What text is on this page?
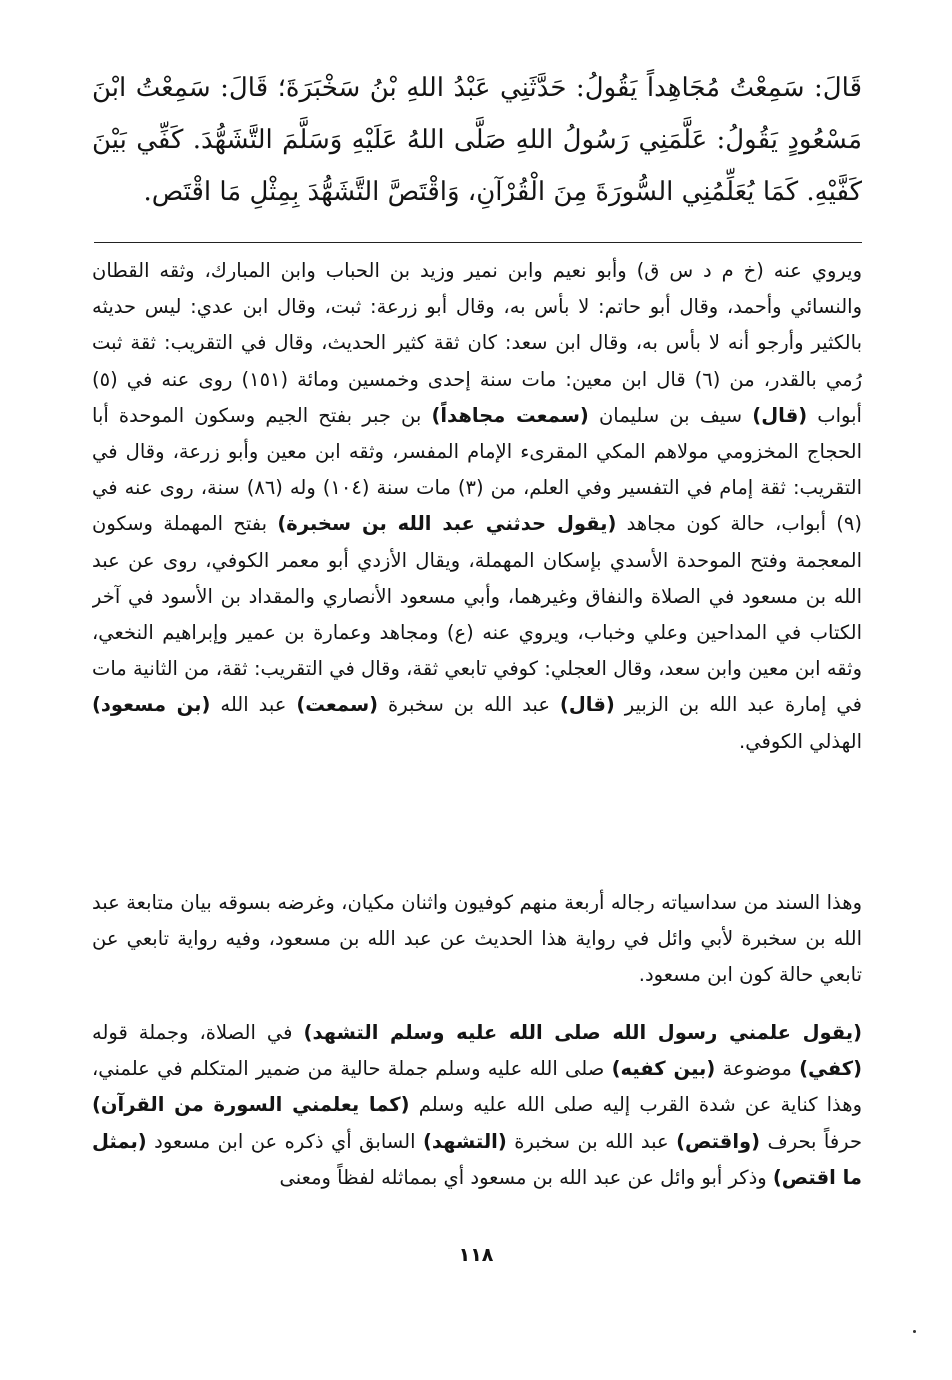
قَالَ: سَمِعْتُ مُجَاهِداً يَقُولُ: حَدَّثَنِي عَبْدُ اللهِ بْنُ سَخْبَرَةَ؛ قَالَ: سَمِعْتُ ابْنَ مَسْعُودٍ يَقُولُ: عَلَّمَنِي رَسُولُ اللهِ صَلَّى اللهُ عَلَيْهِ وَسَلَّمَ التَّشَهُّدَ. كَفِّي بَيْنَ كَفَّيْهِ. كَمَا يُعَلِّمُنِي السُّورَةَ مِنَ الْقُرْآنِ، وَاقْتَصَّ التَّشَهُّدَ بِمِثْلِ مَا اقْتَص.

ويروي عنه (خ م د س ق) وأبو نعيم وابن نمير وزيد بن الحباب وابن المبارك، وثقه القطان والنسائي وأحمد، وقال أبو حاتم: لا بأس به، وقال أبو زرعة: ثبت، وقال ابن عدي: ليس حديثه بالكثير وأرجو أنه لا بأس به، وقال ابن سعد: كان ثقة كثير الحديث، وقال في التقريب: ثقة ثبت رُمي بالقدر، من (٦) قال ابن معين: مات سنة إحدى وخمسين ومائة (١٥١) روى عنه في (٥) أبواب (قال) سيف بن سليمان (سمعت مجاهداً) بن جبر بفتح الجيم وسكون الموحدة أبا الحجاج المخزومي مولاهم المكي المقرىء الإمام المفسر، وثقه ابن معين وأبو زرعة، وقال في التقريب: ثقة إمام في التفسير وفي العلم، من (٣) مات سنة (١٠٤) وله (٨٦) سنة، روى عنه في (٩) أبواب، حالة كون مجاهد (يقول حدثني عبد الله بن سخبرة) بفتح المهملة وسكون المعجمة وفتح الموحدة الأسدي بإسكان المهملة، ويقال الأزدي أبو معمر الكوفي، روى عن عبد الله بن مسعود في الصلاة والنفاق وغيرهما، وأبي مسعود الأنصاري والمقداد بن الأسود في آخر الكتاب في المداحين وعلي وخباب، ويروي عنه (ع) ومجاهد وعمارة بن عمير وإبراهيم النخعي، وثقه ابن معين وابن سعد، وقال العجلي: كوفي تابعي ثقة، وقال في التقريب: ثقة، من الثانية مات في إمارة عبد الله بن الزبير (قال) عبد الله بن سخبرة (سمعت) عبد الله (بن مسعود) الهذلي الكوفي.

وهذا السند من سداسياته رجاله أربعة منهم كوفيون واثنان مكيان، وغرضه بسوقه بيان متابعة عبد الله بن سخبرة لأبي وائل في رواية هذا الحديث عن عبد الله بن مسعود، وفيه رواية تابعي عن تابعي حالة كون ابن مسعود.

(يقول علمني رسول الله صلى الله عليه وسلم التشهد) في الصلاة، وجملة قوله (كفي) موضوعة (بين كفيه) صلى الله عليه وسلم جملة حالية من ضمير المتكلم في علمني، وهذا كناية عن شدة القرب إليه صلى الله عليه وسلم (كما يعلمني السورة من القرآن) حرفاً بحرف (واقتص) عبد الله بن سخبرة (التشهد) السابق أي ذكره عن ابن مسعود (بمثل ما اقتص) وذكر أبو وائل عن عبد الله بن مسعود أي بمماثله لفظاً ومعنى

١١٨
